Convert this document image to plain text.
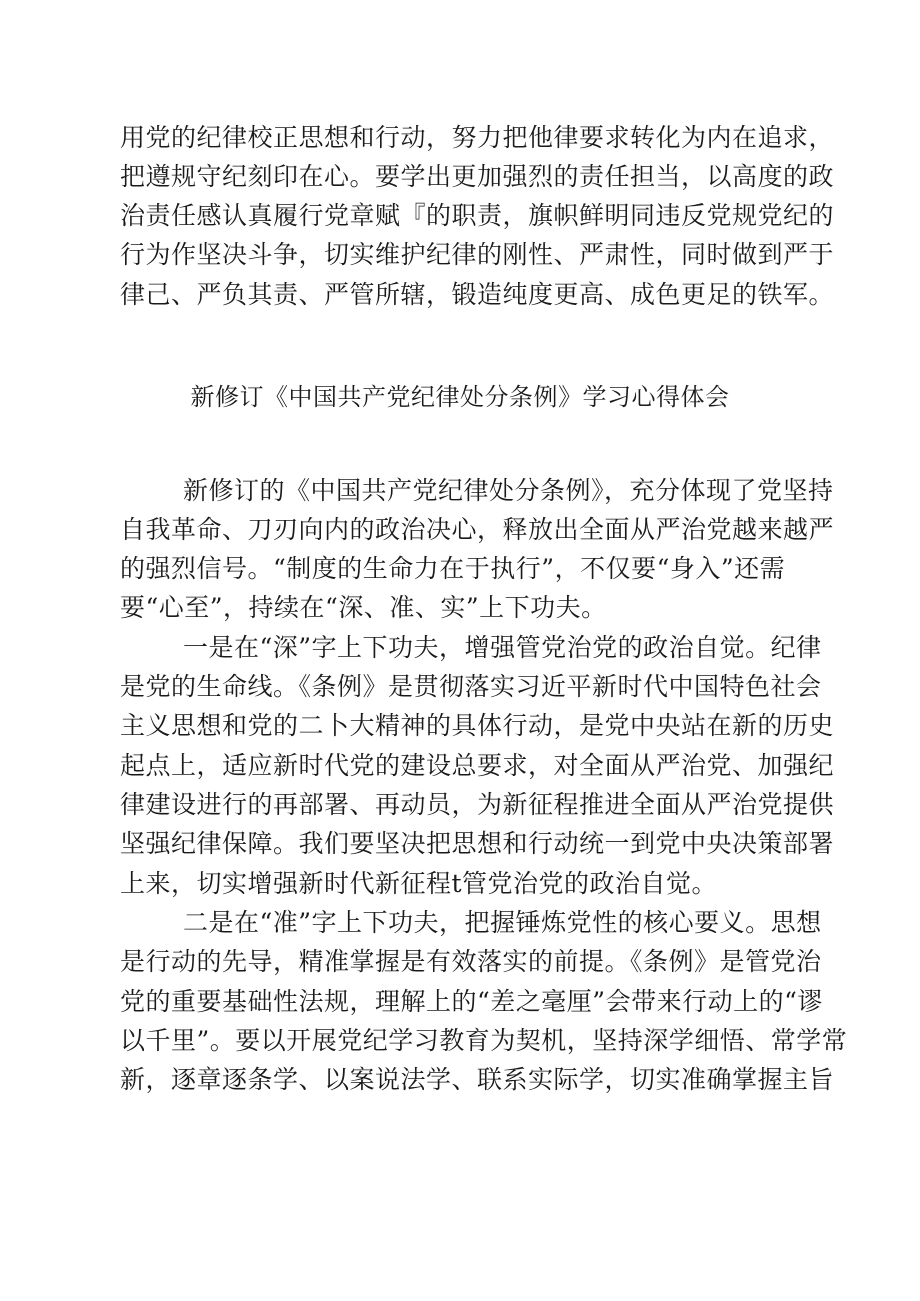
用党的纪律校正思想和行动，努力把他律要求转化为内在追求，
把遵规守纪刻印在心。要学出更加强烈的责任担当，以高度的政
治责任感认真履行党章赋『的职责，旗帜鲜明同违反党规党纪的
行为作坚决斗争，切实维护纪律的刚性、严肃性，同时做到严于
律己、严负其责、严管所辖，锻造纯度更高、成色更足的铁军。
新修订《中国共产党纪律处分条例》学习心得体会
新修订的《中国共产党纪律处分条例》，充分体现了党坚持
自我革命、刀刃向内的政治决心，释放出全面从严治党越来越严
的强烈信号。“制度的生命力在于执行”，不仅要“身入”还需
要“心至”，持续在“深、准、实”上下功夫。
一是在“深”字上下功夫，增强管党治党的政治自觉。纪律
是党的生命线。《条例》是贯彻落实习近平新时代中国特色社会
主义思想和党的二卜大精神的具体行动，是党中央站在新的历史
起点上，适应新时代党的建设总要求，对全面从严治党、加强纪
律建设进行的再部署、再动员，为新征程推进全面从严治党提供
坚强纪律保障。我们要坚决把思想和行动统一到党中央决策部署
上来，切实增强新时代新征程t管党治党的政治自觉。
二是在“准”字上下功夫，把握锤炼党性的核心要义。思想
是行动的先导，精准掌握是有效落实的前提。《条例》是管党治
党的重要基础性法规，理解上的“差之毫厘”会带来行动上的“谬
以千里”。要以开展党纪学习教育为契机，坚持深学细悟、常学常
新，逐章逐条学、以案说法学、联系实际学，切实准确掌握主旨
